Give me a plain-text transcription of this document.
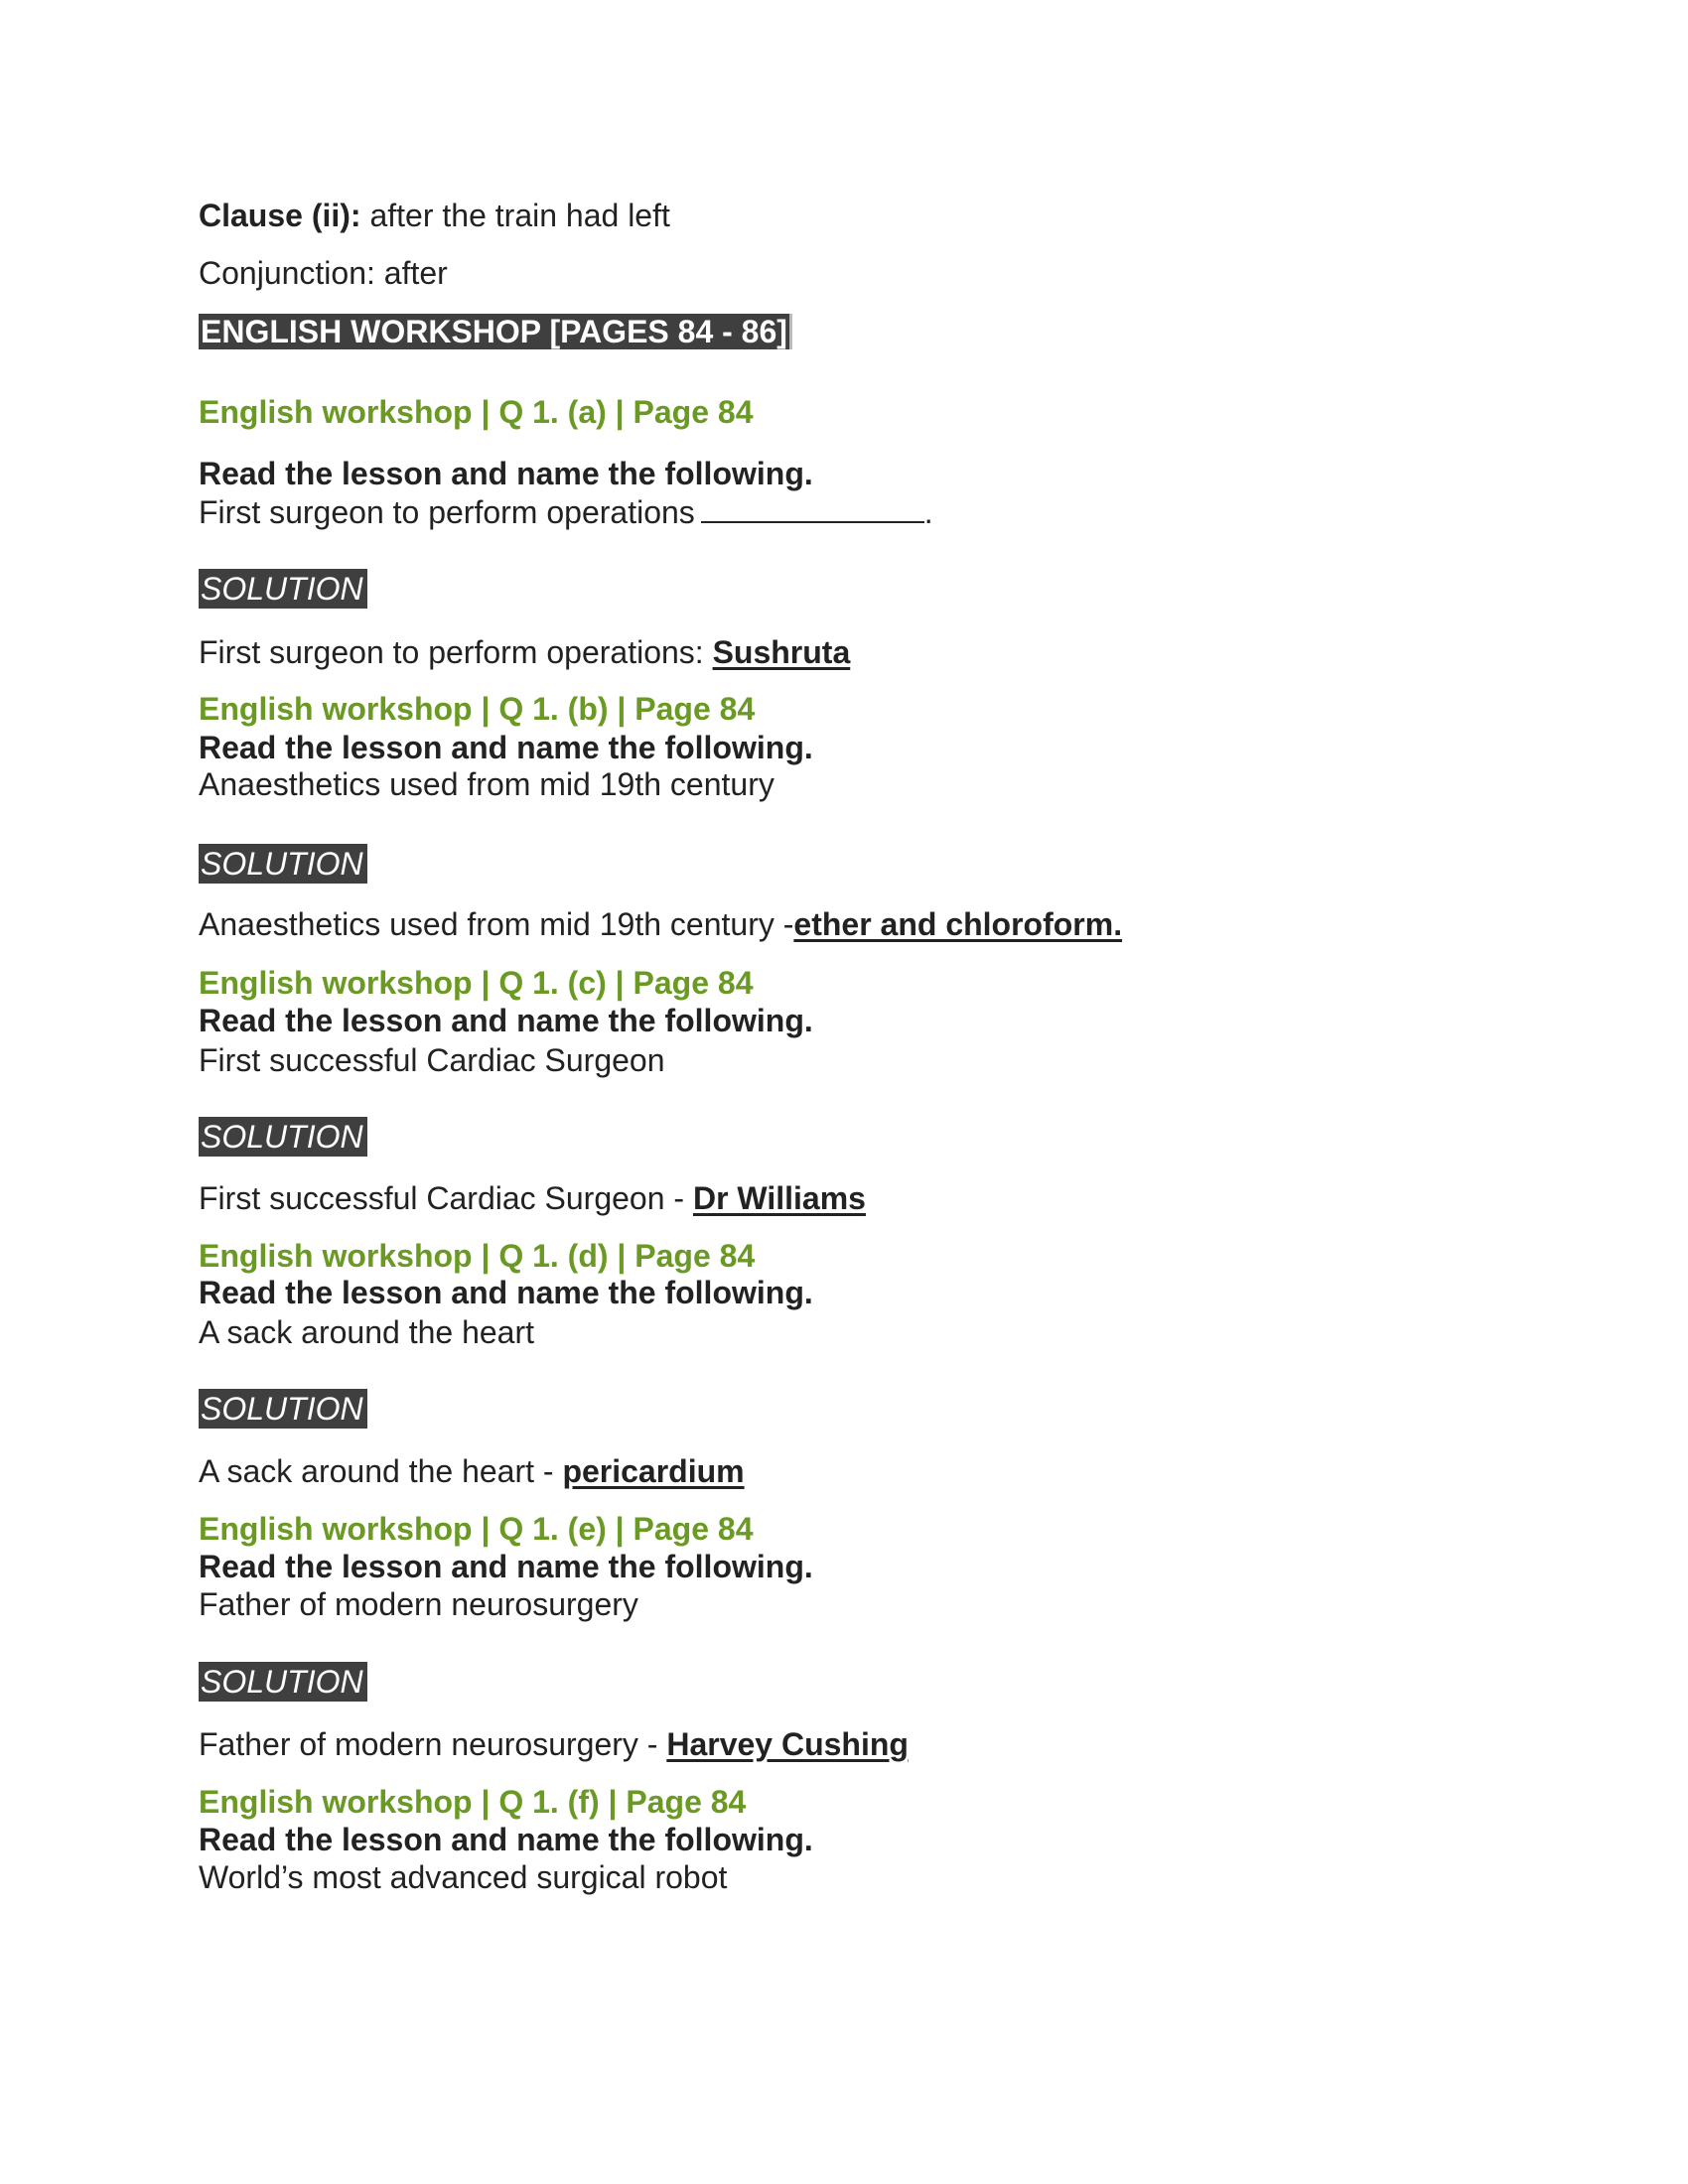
Clause (ii): after the train had left
Conjunction: after
ENGLISH WORKSHOP [PAGES 84 - 86]
English workshop | Q 1. (a) | Page 84
Read the lesson and name the following.
First surgeon to perform operations	.
SOLUTION
First surgeon to perform operations: Sushruta
English workshop | Q 1. (b) | Page 84
Read the lesson and name the following.
Anaesthetics used from mid 19th century
SOLUTION
Anaesthetics used from mid 19th century -ether and chloroform.
English workshop | Q 1. (c) | Page 84
Read the lesson and name the following.
First successful Cardiac Surgeon
SOLUTION
First successful Cardiac Surgeon - Dr Williams
English workshop | Q 1. (d) | Page 84
Read the lesson and name the following.
A sack around the heart
SOLUTION
A sack around the heart - pericardium
English workshop | Q 1. (e) | Page 84
Read the lesson and name the following.
Father of modern neurosurgery
SOLUTION
Father of modern neurosurgery - Harvey Cushing
English workshop | Q 1. (f) | Page 84
Read the lesson and name the following.
World’s most advanced surgical robot
